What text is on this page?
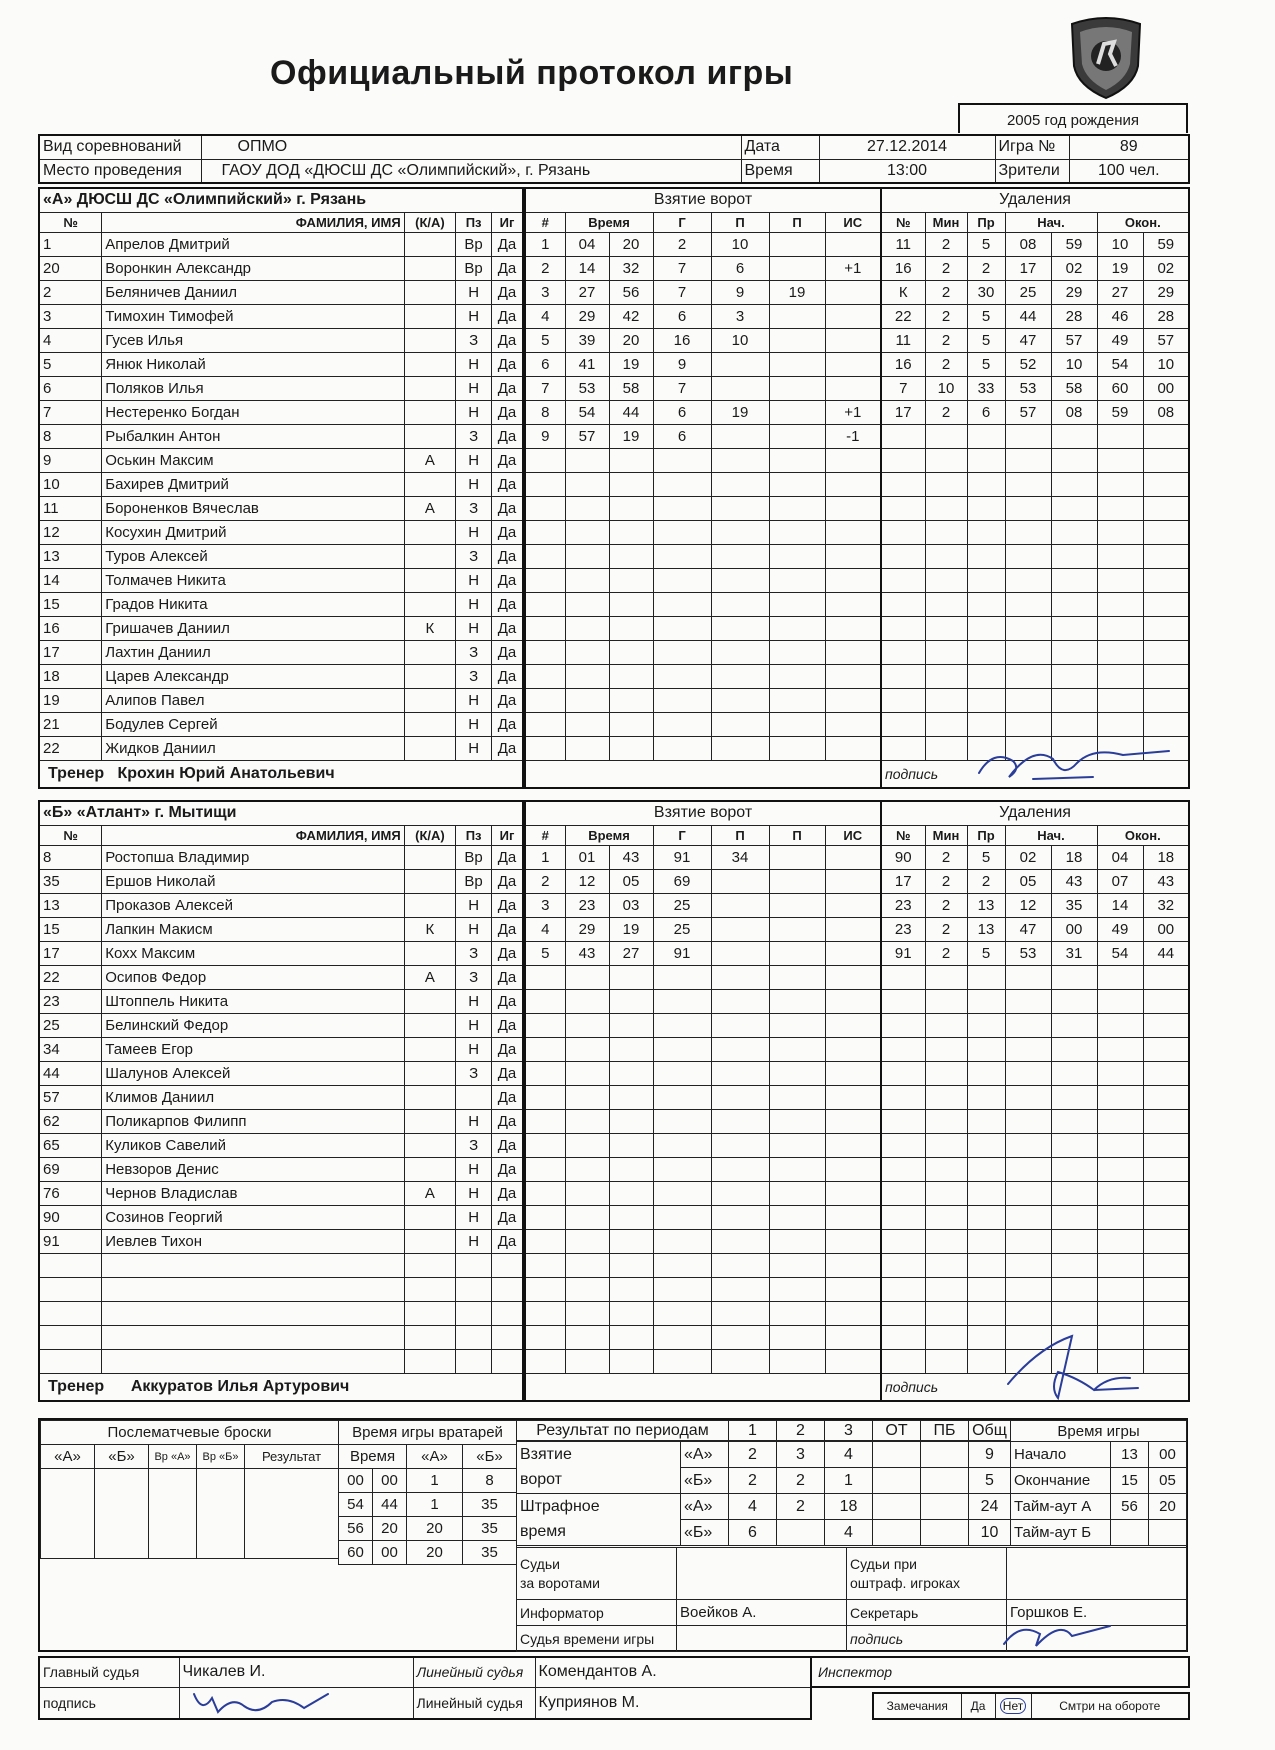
Официальный протокол игры
2005 год рождения
Вид соревнований	ОПМО	Дата	27.12.2014	Игра №	89
Место проведения	ГАОУ ДОД «ДЮСШ ДС «Олимпийский», г. Рязань	Время	13:00	Зрители	100 чел.
«А» ДЮСШ ДС «Олимпийский» г. Рязань				
№	ФАМИЛИЯ, ИМЯ	(К/А)	Пз	Иг
1	Апрелов Дмитрий		Вр	Да
20	Воронкин Александр		Вр	Да
2	Беляничев Даниил		Н	Да
3	Тимохин Тимофей		Н	Да
4	Гусев Илья		З	Да
5	Янюк Николай		Н	Да
6	Поляков Илья		Н	Да
7	Нестеренко Богдан		Н	Да
8	Рыбалкин Антон		З	Да
9	Оськин Максим	А	Н	Да
10	Бахирев Дмитрий		Н	Да
11	Бороненков Вячеслав	А	З	Да
12	Косухин Дмитрий		Н	Да
13	Туров Алексей		З	Да
14	Толмачев Никита		Н	Да
15	Градов Никита		Н	Да
16	Гришачев Даниил	К	Н	Да
17	Лахтин Даниил		З	Да
18	Царев Александр		З	Да
19	Алипов Павел		Н	Да
21	Бодулев Сергей		Н	Да
22	Жидков Даниил		Н	Да
Тренер Крохин Юрий Анатольевич				
Взятие ворот						
#	Время		Г	П	П	ИС
1	04	20	2	10		
2	14	32	7	6		+1
3	27	56	7	9	19	
4	29	42	6	3		
5	39	20	16	10		
6	41	19	9			
7	53	58	7			
8	54	44	6	19		+1
9	57	19	6			-1

Удаления						
№	Мин	Пр	Нач.		Окон.	
11	2	5	08	59	10	59
16	2	2	17	02	19	02
К	2	30	25	29	27	29
22	2	5	44	28	46	28
11	2	5	47	57	49	57
16	2	5	52	10	54	10
7	10	33	53	58	60	00
17	2	6	57	08	59	08

подпись						
«Б» «Атлант» г. Мытищи				
№	ФАМИЛИЯ, ИМЯ	(К/А)	Пз	Иг
8	Ростопша Владимир		Вр	Да
35	Ершов Николай		Вр	Да
13	Проказов Алексей		Н	Да
15	Лапкин Макисм	К	Н	Да
17	Кохх Максим		З	Да
22	Осипов Федор	А	З	Да
23	Штоппель Никита		Н	Да
25	Белинский Федор		Н	Да
34	Тамеев Егор		Н	Да
44	Шалунов Алексей		З	Да
57	Климов Даниил			Да
62	Поликарпов Филипп		Н	Да
65	Куликов Савелий		З	Да
69	Невзоров Денис		Н	Да
76	Чернов Владислав	А	Н	Да
90	Созинов Георгий		Н	Да
91	Иевлев Тихон		Н	Да

Тренер Аккуратов Илья Артурович				
Взятие ворот						
#	Время		Г	П	П	ИС
1	01	43	91	34		
2	12	05	69			
3	23	03	25			
4	29	19	25			
5	43	27	91			

Удаления						
№	Мин	Пр	Нач.		Окон.	
90	2	5	02	18	04	18
17	2	2	05	43	07	43
23	2	13	12	35	14	32
23	2	13	47	00	49	00
91	2	5	53	31	54	44

подпись						
Послематчевые броски				
«А»	«Б»	Вр «А»	Вр «Б»	Результат

Время игры вратарей			
Время		«А»	«Б»
00	00	1	8
54	44	1	35
56	20	20	35
60	00	20	35
Результат по периодам	1	2	3	ОТ	ПБ	Общ
Взятие	«А»	2	3	4			9
ворот	«Б»	2	2	1			5
Штрафное	«А»	4	2	18			24
время	«Б»	6		4			10
Время игры		
Начало	13	00
Окончание	15	05
Тайм-аут А	56	20
Тайм-аут Б		
Судьи
за воротами		Судьи при
оштраф. игроках	
Информатор	Воейков А.	Секретарь	Горшков Е.
Судья времени игры		подпись	
Главный судья	Чикалев И.	Линейный судья	Комендантов А.
подпись		Линейный судья	Куприянов М.
Инспектор
Замечания	Да	Нет	Смтри на обороте
